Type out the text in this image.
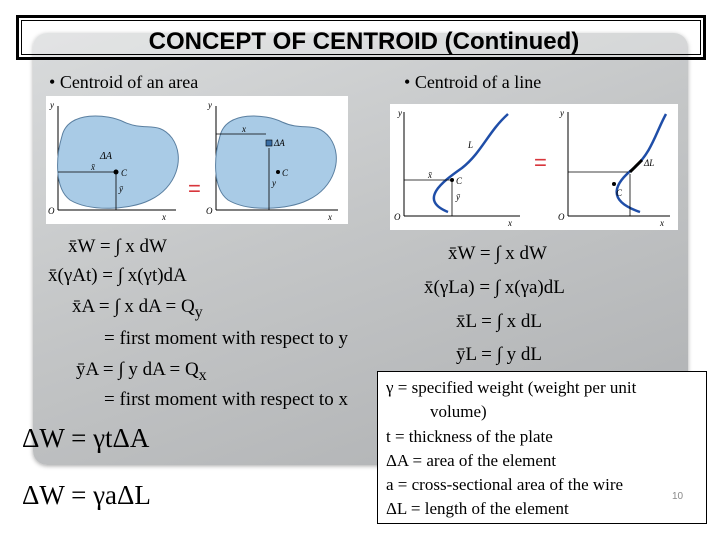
CONCEPT OF CENTROID (Continued)
• Centroid of an area	• Centroid of a line
ΔA
C
x̄
ȳ
y
x
O
=
ΔA
C
x
y
y
x
O
L
C
x̄
ȳ
y
x
O
=	ΔL
C
y
x
O
x̄W = ∫ x dW
x̄(γAt) = ∫ x(γt)dA
x̄A = ∫ x dA = $Q_y$
= first moment with respect to y
ȳA = ∫ y dA = $Q_x$
= first moment with respect to x
ΔW = γtΔA
ΔW = γaΔL
x̄W = ∫ x dW
x̄(γLa) = ∫ x(γa)dL
x̄L = ∫ x dL
ȳL = ∫ y dL
γ = specified weight (weight per unit
volume)
t = thickness of the plate
ΔA = area of the element
a = cross-sectional area of the wire
ΔL = length of the element
10
